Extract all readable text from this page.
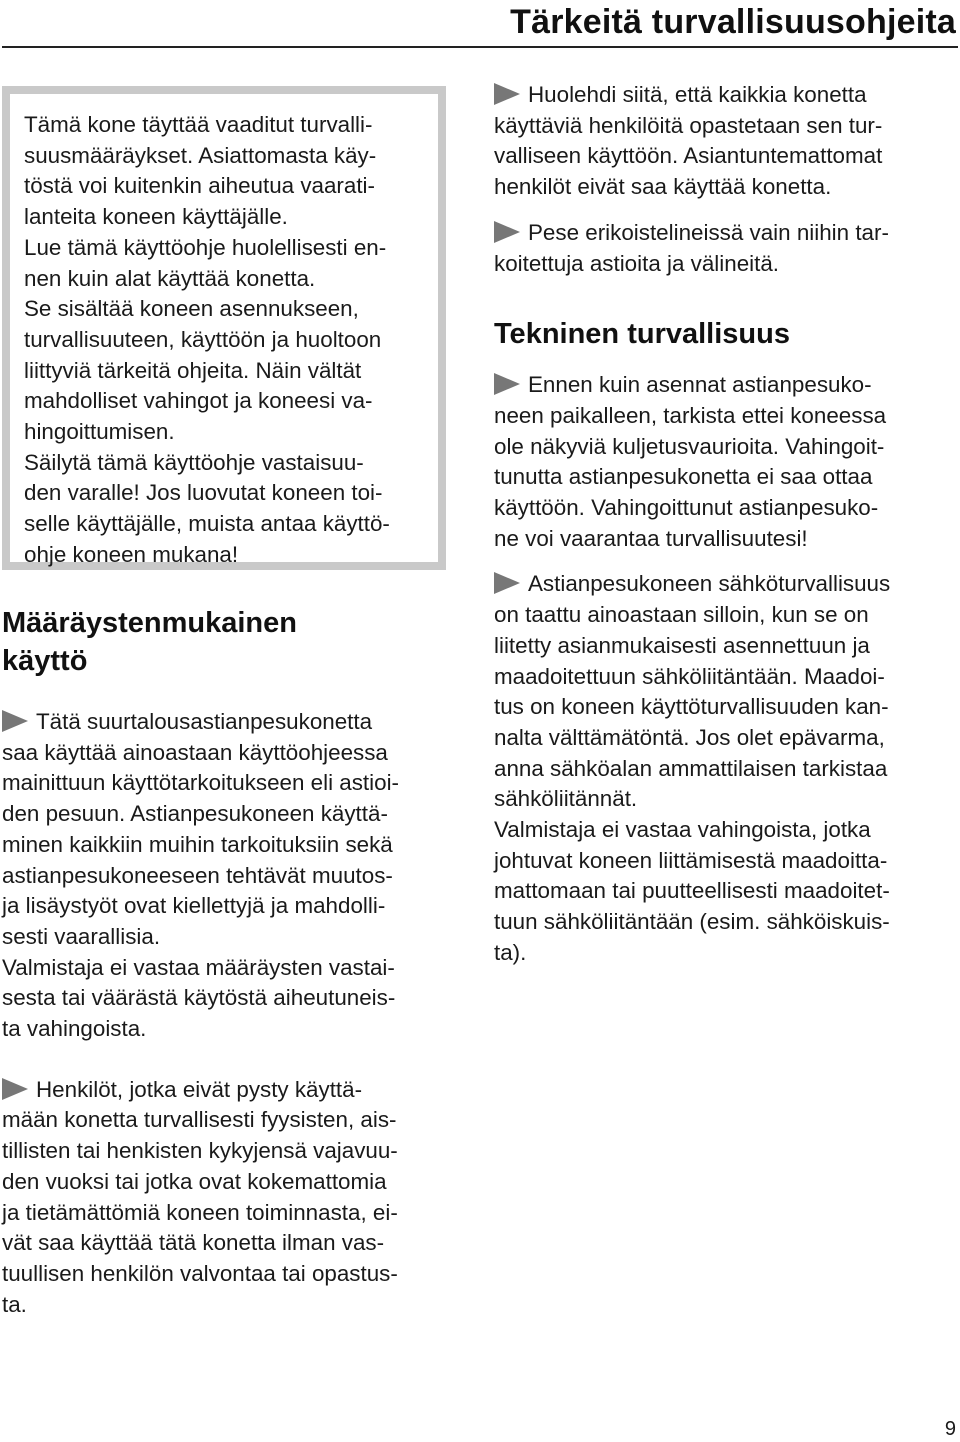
Tärkeitä turvallisuusohjeita

Tämä kone täyttää vaaditut turvalli-
suusmääräykset. Asiattomasta käy-
töstä voi kuitenkin aiheutua vaarati-
lanteita koneen käyttäjälle.
Lue tämä käyttöohje huolellisesti en-
nen kuin alat käyttää konetta.
Se sisältää koneen asennukseen,
turvallisuuteen, käyttöön ja huoltoon
liittyviä tärkeitä ohjeita. Näin vältät
mahdolliset vahingot ja koneesi va-
hingoittumisen.
Säilytä tämä käyttöohje vastaisuu-
den varalle! Jos luovutat koneen toi-
selle käyttäjälle, muista antaa käyttö-
ohje koneen mukana!

Määräystenmukainen
käyttö

Tätä suurtalousastianpesukonetta
saa käyttää ainoastaan käyttöohjeessa
mainittuun käyttötarkoitukseen eli astioi-
den pesuun. Astianpesukoneen käyttä-
minen kaikkiin muihin tarkoituksiin sekä
astianpesukoneeseen tehtävät muutos-
ja lisäystyöt ovat kiellettyjä ja mahdolli-
sesti vaarallisia.
Valmistaja ei vastaa määräysten vastai-
sesta tai väärästä käytöstä aiheutuneis-
ta vahingoista.

Henkilöt, jotka eivät pysty käyttä-
mään konetta turvallisesti fyysisten, ais-
tillisten tai henkisten kykyjensä vajavuu-
den vuoksi tai jotka ovat kokemattomia
ja tietämättömiä koneen toiminnasta, ei-
vät saa käyttää tätä konetta ilman vas-
tuullisen henkilön valvontaa tai opastus-
ta.

Huolehdi siitä, että kaikkia konetta
käyttäviä henkilöitä opastetaan sen tur-
valliseen käyttöön. Asiantuntemattomat
henkilöt eivät saa käyttää konetta.

Pese erikoistelineissä vain niihin tar-
koitettuja astioita ja välineitä.

Tekninen turvallisuus

Ennen kuin asennat astianpesuko-
neen paikalleen, tarkista ettei koneessa
ole näkyviä kuljetusvaurioita. Vahingoit-
tunutta astianpesukonetta ei saa ottaa
käyttöön. Vahingoittunut astianpesuko-
ne voi vaarantaa turvallisuutesi!

Astianpesukoneen sähköturvallisuus
on taattu ainoastaan silloin, kun se on
liitetty asianmukaisesti asennettuun ja
maadoitettuun sähköliitäntään. Maadoi-
tus on koneen käyttöturvallisuuden kan-
nalta välttämätöntä. Jos olet epävarma,
anna sähköalan ammattilaisen tarkistaa
sähköliitännät.
Valmistaja ei vastaa vahingoista, jotka
johtuvat koneen liittämisestä maadoitta-
mattomaan tai puutteellisesti maadoitet-
tuun sähköliitäntään (esim. sähköiskuis-
ta).

9
